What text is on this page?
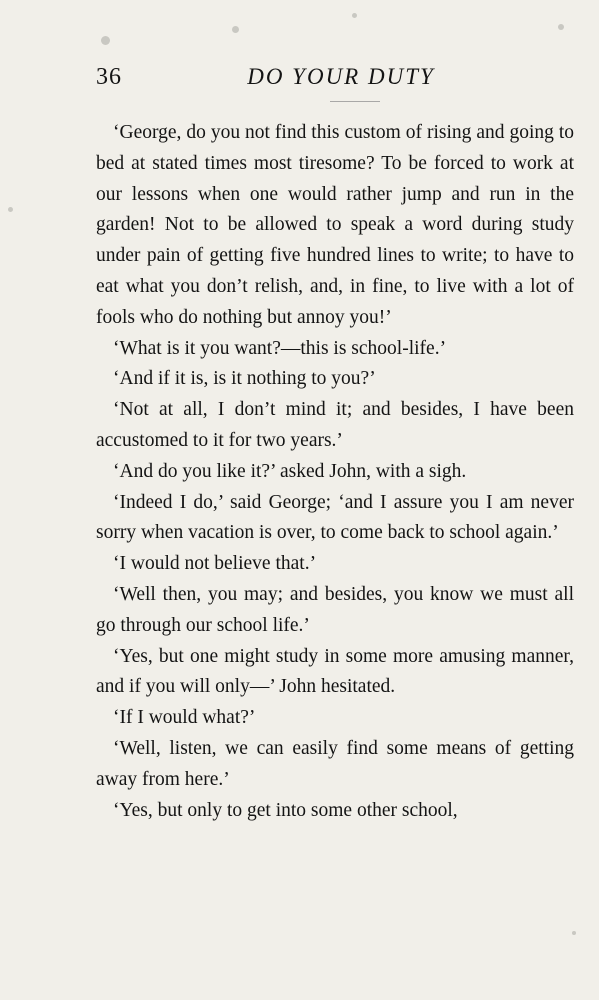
36	DO YOUR DUTY

‘George, do you not find this custom of rising and going to bed at stated times most tiresome? To be forced to work at our lessons when one would rather jump and run in the garden! Not to be allowed to speak a word during study under pain of getting five hundred lines to write; to have to eat what you don’t relish, and, in fine, to live with a lot of fools who do nothing but annoy you!’

‘What is it you want?—this is school-life.’

‘And if it is, is it nothing to you?’

‘Not at all, I don’t mind it; and besides, I have been accustomed to it for two years.’

‘And do you like it?’ asked John, with a sigh.

‘Indeed I do,’ said George; ‘and I assure you I am never sorry when vacation is over, to come back to school again.’

‘I would not believe that.’

‘Well then, you may; and besides, you know we must all go through our school life.’

‘Yes, but one might study in some more amusing manner, and if you will only—’ John hesitated.

‘If I would what?’

‘Well, listen, we can easily find some means of getting away from here.’

‘Yes, but only to get into some other school,
